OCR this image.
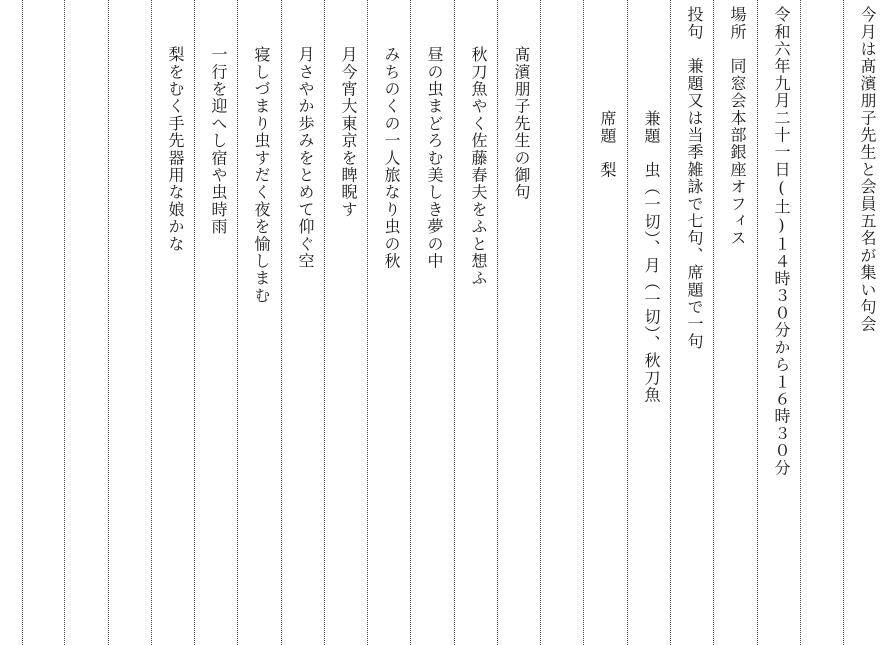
今月は髙濱朋子先生と会員五名が集い句会
令和六年九月二十一日(土)１４時３０分から１６時３０分
場所　同窓会本部銀座オフィス
投句　兼題又は当季雑詠で七句、席題で一句
兼題　虫（一切）、月（一切）、秋刀魚
席題　梨
髙濱朋子先生の御句
秋刀魚やく佐藤春夫をふと想ふ
昼の虫まどろむ美しき夢の中
みちのくの一人旅なり虫の秋
月今宵大東京を睥睨す
月さやか歩みをとめて仰ぐ空
寝しづまり虫すだく夜を愉しまむ
一行を迎へし宿や虫時雨
梨をむく手先器用な娘かな
